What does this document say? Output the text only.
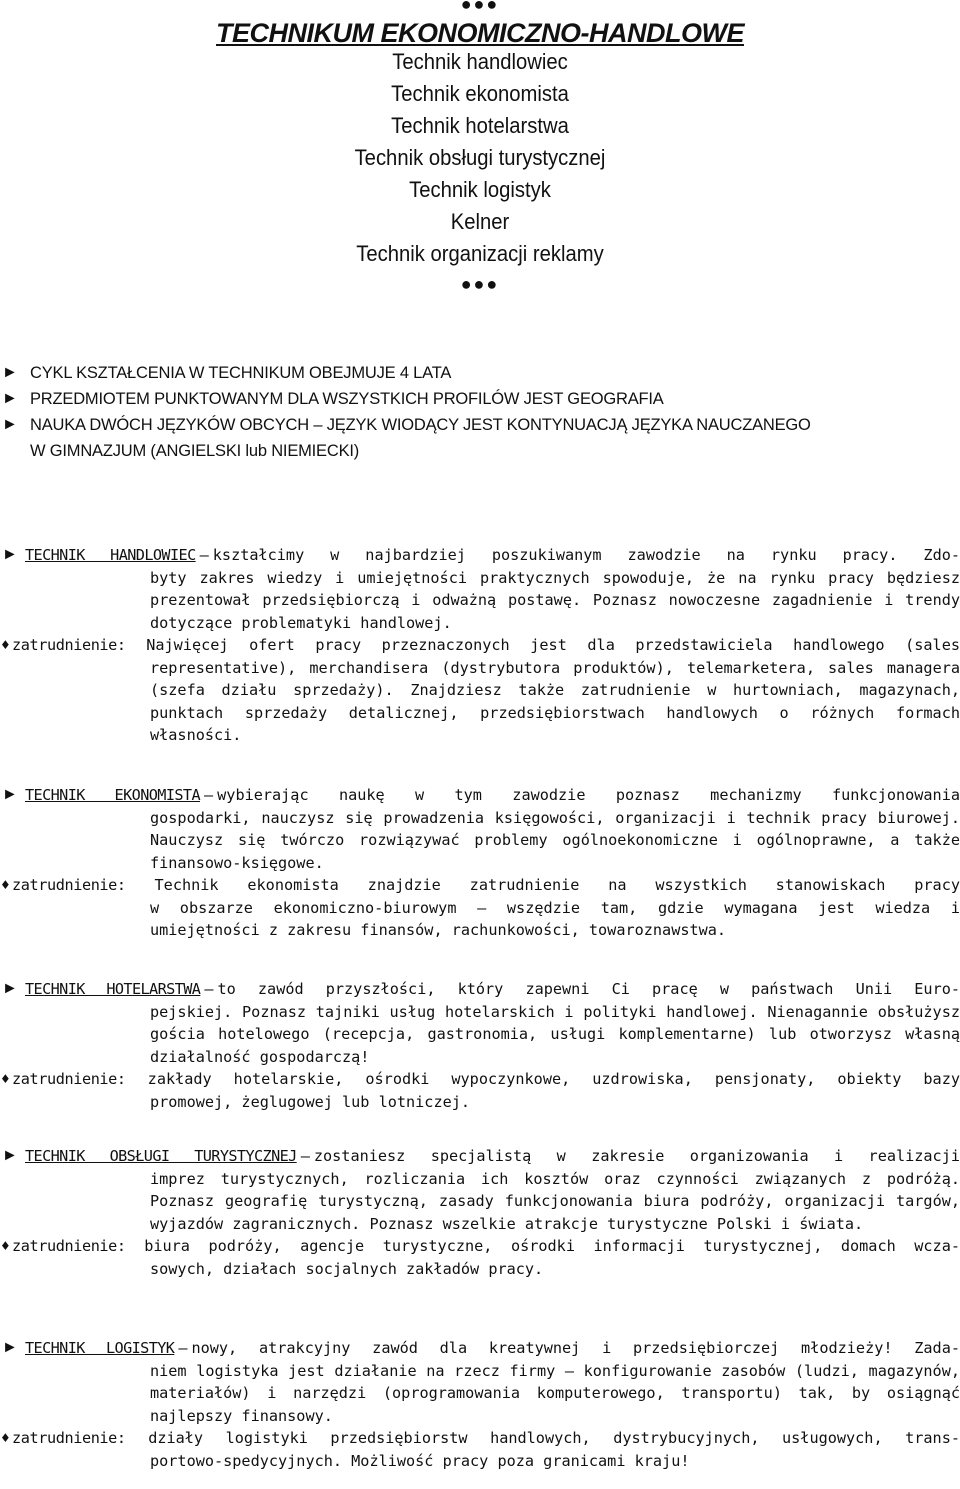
●●●
TECHNIKUM EKONOMICZNO-HANDLOWE
Technik handlowiec
Technik ekonomista
Technik hotelarstwa
Technik obsługi turystycznej
Technik logistyk
Kelner
Technik organizacji reklamy
●●●
► CYKL KSZTAŁCENIA W TECHNIKUM OBEJMUJE 4 LATA
► PRZEDMIOTEM PUNKTOWANYM DLA WSZYSTKICH PROFILÓW JEST GEOGRAFIA
► NAUKA DWÓCH JĘZYKÓW OBCYCH – JĘZYK WIODĄCY JEST KONTYNUACJĄ JĘZYKA NAUCZANEGO
W GIMNAZJUM (ANGIELSKI lub NIEMIECKI)
► TECHNIK HANDLOWIEC – kształcimy w najbardziej poszukiwanym zawodzie na rynku pracy. Zdo-
byty zakres wiedzy i umiejętności praktycznych spowoduje, że na rynku pracy będziesz prezentował przedsiębiorczą i odważną postawę. Poznasz nowoczesne zagadnienie i trendy dotyczące problematyki handlowej.
♦ zatrudnienie: Najwięcej ofert pracy przeznaczonych jest dla przedstawiciela handlowego (sales
representative), merchandisera (dystrybutora produktów), telemarketera, sales managera (szefa działu sprzedaży). Znajdziesz także zatrudnienie w hurtowniach, magazynach, punktach sprzedaży detalicznej, przedsiębiorstwach handlowych o różnych formach własności.
► TECHNIK EKONOMISTA – wybierając naukę w tym zawodzie poznasz mechanizmy funkcjonowania
gospodarki, nauczysz się prowadzenia księgowości, organizacji i technik pracy biurowej. Nauczysz się twórczo rozwiązywać problemy ogólnoekonomiczne i ogólnoprawne, a także finansowo-księgowe.
♦ zatrudnienie: Technik ekonomista znajdzie zatrudnienie na wszystkich stanowiskach pracy
w obszarze ekonomiczno-biurowym – wszędzie tam, gdzie wymagana jest wiedza i umiejętności z zakresu finansów, rachunkowości, towaroznawstwa.
► TECHNIK HOTELARSTWA – to zawód przyszłości, który zapewni Ci pracę w państwach Unii Euro-
pejskiej. Poznasz tajniki usług hotelarskich i polityki handlowej. Nienagannie obsłużysz gościa hotelowego (recepcja, gastronomia, usługi komplementarne) lub otworzysz własną działalność gospodarczą!
♦ zatrudnienie: zakłady hotelarskie, ośrodki wypoczynkowe, uzdrowiska, pensjonaty, obiekty bazy
promowej, żeglugowej lub lotniczej.
► TECHNIK OBSŁUGI TURYSTYCZNEJ – zostaniesz specjalistą w zakresie organizowania i realizacji
imprez turystycznych, rozliczania ich kosztów oraz czynności związanych z podróżą. Poznasz geografię turystyczną, zasady funkcjonowania biura podróży, organizacji targów, wyjazdów zagranicznych. Poznasz wszelkie atrakcje turystyczne Polski i świata.
♦ zatrudnienie: biura podróży, agencje turystyczne, ośrodki informacji turystycznej, domach wcza-
sowych, działach socjalnych zakładów pracy.
► TECHNIK LOGISTYK – nowy, atrakcyjny zawód dla kreatywnej i przedsiębiorczej młodzieży! Zada-
niem logistyka jest działanie na rzecz firmy – konfigurowanie zasobów (ludzi, magazynów, materiałów) i narzędzi (oprogramowania komputerowego, transportu) tak, by osiągnąć najlepszy finansowy.
♦ zatrudnienie: działy logistyki przedsiębiorstw handlowych, dystrybucyjnych, usługowych, trans-
portowo-spedycyjnych. Możliwość pracy poza granicami kraju!
